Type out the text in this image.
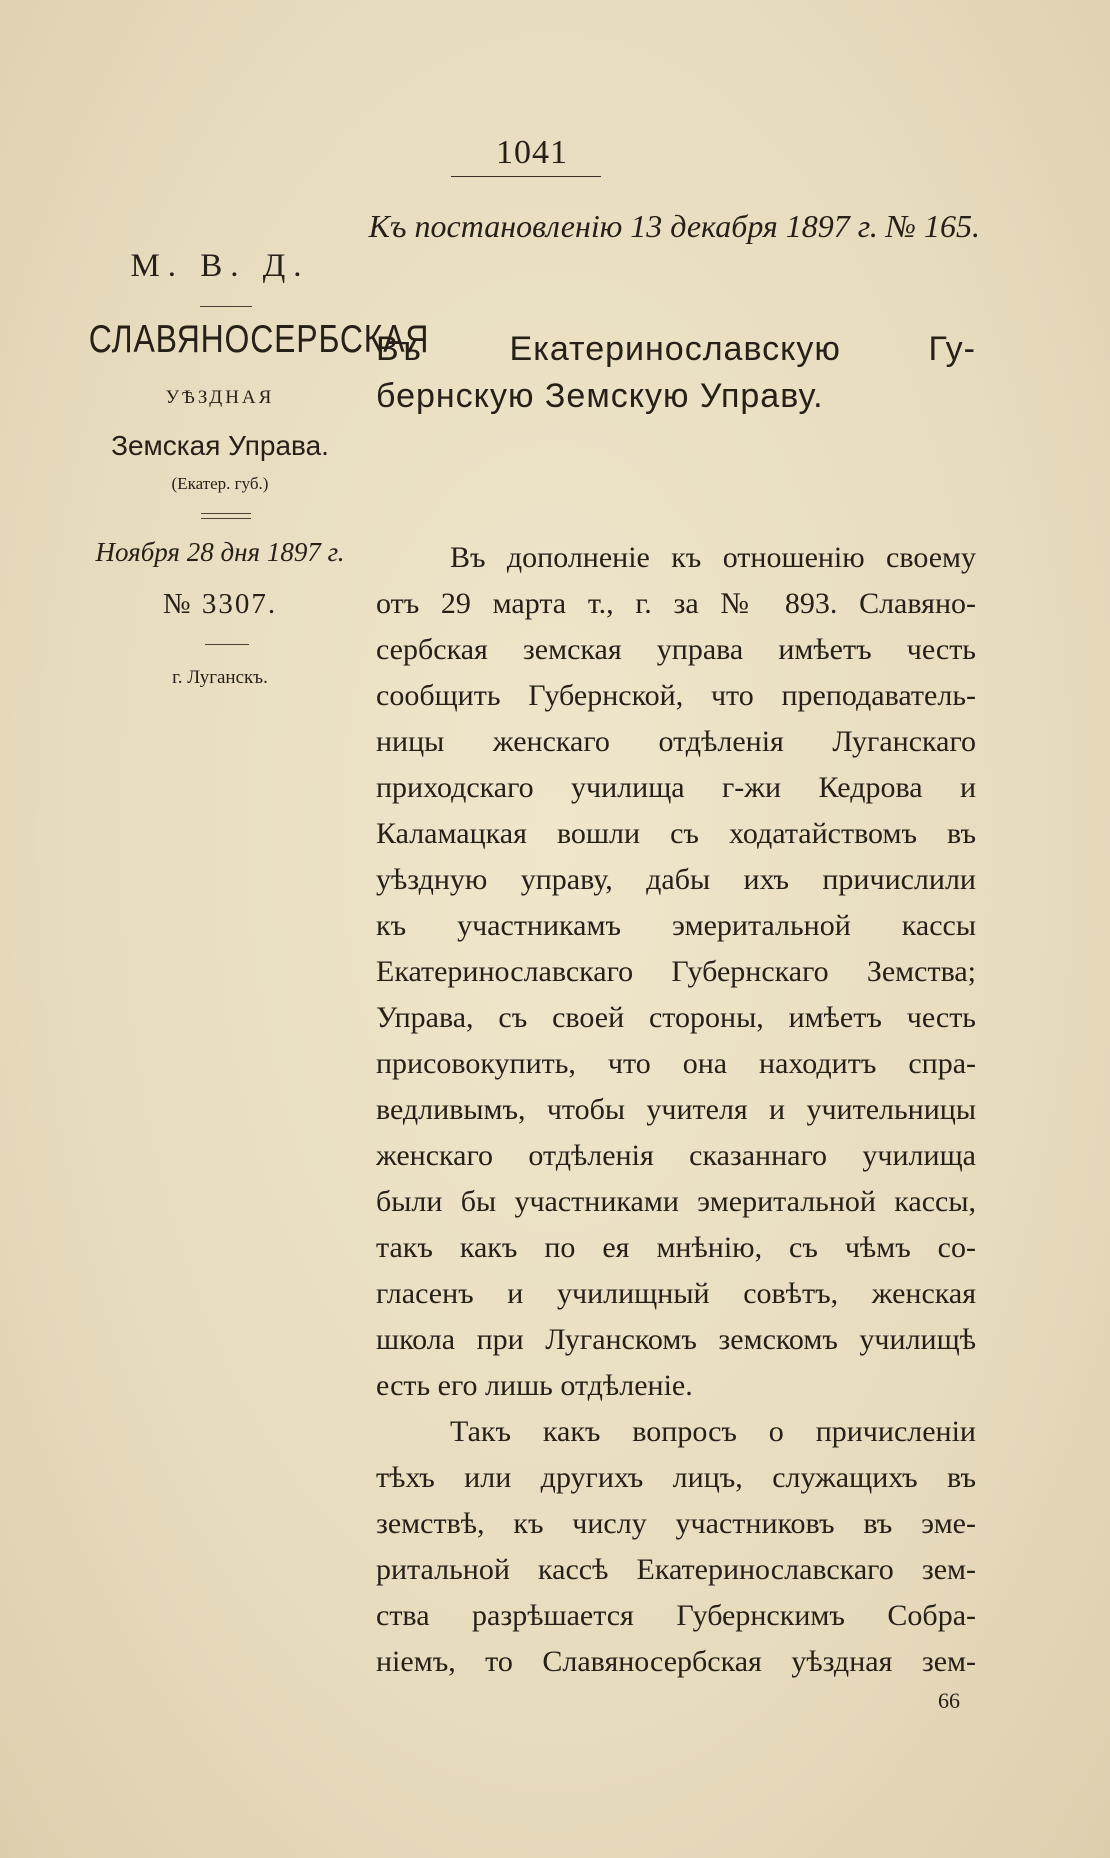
1041
Къ постановленію 13 декабря 1897 г. № 165.
М. В. Д.
СЛАВЯНОСЕРБСКАЯ
УѢЗДНАЯ
Земская Управа.
(Екатер. губ.)
Ноября 28 дня 1897 г.
№ 3307.
г. Луганскъ.
Въ Екатеринославскую Гу-
бернскую Земскую Управу.
Въ дополненіе къ отношенію своему
отъ 29 марта т., г. за № 893. Славяно-
сербская земская управа имѣетъ честь
сообщить Губернской, что преподаватель-
ницы женскаго отдѣленія Луганскаго
приходскаго училища г-жи Кедрова и
Каламацкая вошли съ ходатайствомъ въ
уѣздную управу, дабы ихъ причислили
къ участникамъ эмеритальной кассы
Екатеринославскаго Губернскаго Земства;
Управа, съ своей стороны, имѣетъ честь
присовокупить, что она находитъ спра-
ведливымъ, чтобы учителя и учительницы
женскаго отдѣленія сказаннаго училища
были бы участниками эмеритальной кассы,
такъ какъ по ея мнѣнію, съ чѣмъ со-
гласенъ и училищный совѣтъ, женская
школа при Луганскомъ земскомъ училищѣ
есть его лишь отдѣленіе.
Такъ какъ вопросъ о причисленіи
тѣхъ или другихъ лицъ, служащихъ въ
земствѣ, къ числу участниковъ въ эме-
ритальной кассѣ Екатеринославскаго зем-
ства разрѣшается Губернскимъ Собра-
ніемъ, то Славяносербская уѣздная зем-
66
